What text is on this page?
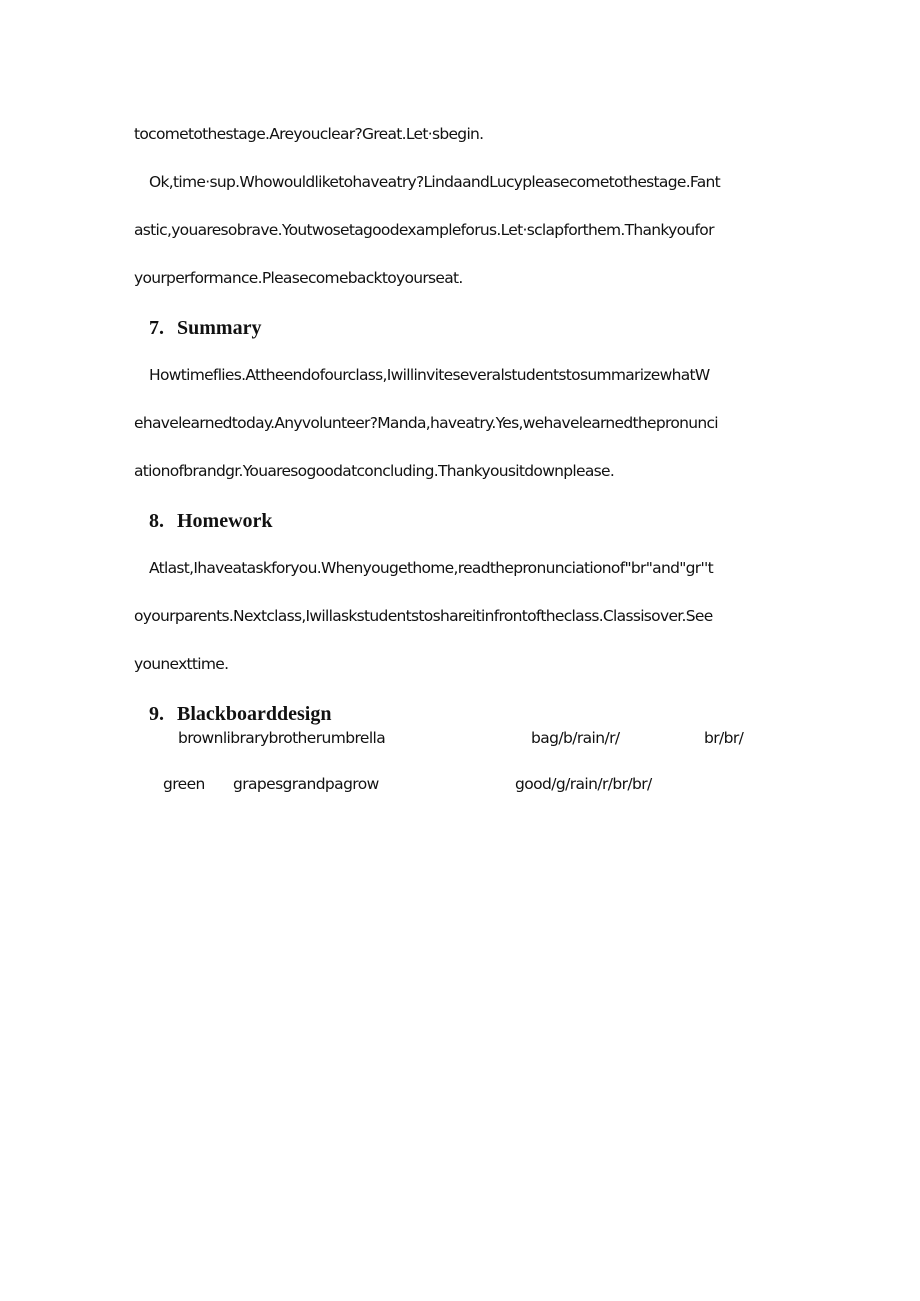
tocometothestage.Areyouclear?Great.Let·sbegin.
Ok,time·sup.Whowouldliketohaveatry?LindaandLucypleasecometothestage.Fant
astic,youaresobrave.Youtwosetagoodexampleforus.Let·sclapforthem.Thankyoufor
yourperformance.Pleasecomebacktoyourseat.
7. Summary
Howtimeflies.Attheendofourclass,IwillinviteseveralstudentstosummarizewhatW
ehavelearnedtoday.Anyvolunteer?Manda,haveatry.Yes,wehavelearnedthepronunci
ationofbrandgr.Youaresogoodatconcluding.Thankyousitdownplease.
8. Homework
Atlast,Ihaveataskforyou.Whenyougethome,readthepronunciationof"br"and"gr''t
oyourparents.Nextclass,Iwillaskstudentstoshareitinfrontoftheclass.Classisover.See
younexttime.
9. Blackboarddesign
brownlibrarybrotherumbrella	bag/b/rain/r/	br/br/
green grapesgrandpagrow	good/g/rain/r/br/br/
